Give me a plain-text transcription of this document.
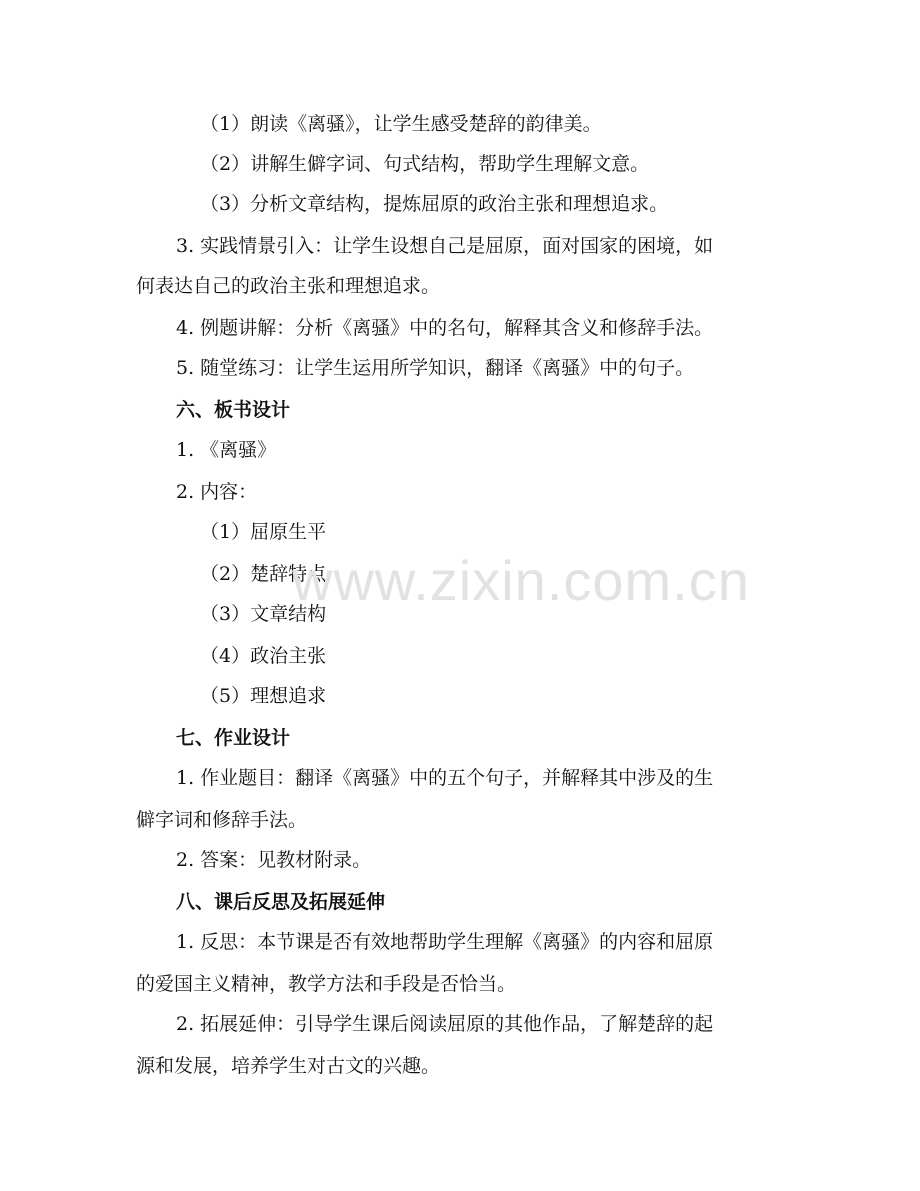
（1）朗读《离骚》，让学生感受楚辞的韵律美。
（2）讲解生僻字词、句式结构，帮助学生理解文意。
（3）分析文章结构，提炼屈原的政治主张和理想追求。
3. 实践情景引入：让学生设想自己是屈原，面对国家的困境，如
何表达自己的政治主张和理想追求。
4. 例题讲解：分析《离骚》中的名句，解释其含义和修辞手法。
5. 随堂练习：让学生运用所学知识，翻译《离骚》中的句子。
六、板书设计
1. 《离骚》
2. 内容：
（1）屈原生平
（2）楚辞特点
（3）文章结构
（4）政治主张
（5）理想追求
七、作业设计
1. 作业题目：翻译《离骚》中的五个句子，并解释其中涉及的生
僻字词和修辞手法。
2. 答案：见教材附录。
八、课后反思及拓展延伸
1. 反思：本节课是否有效地帮助学生理解《离骚》的内容和屈原
的爱国主义精神，教学方法和手段是否恰当。
2. 拓展延伸：引导学生课后阅读屈原的其他作品，了解楚辞的起
源和发展，培养学生对古文的兴趣。
www.zixin.com.cn
